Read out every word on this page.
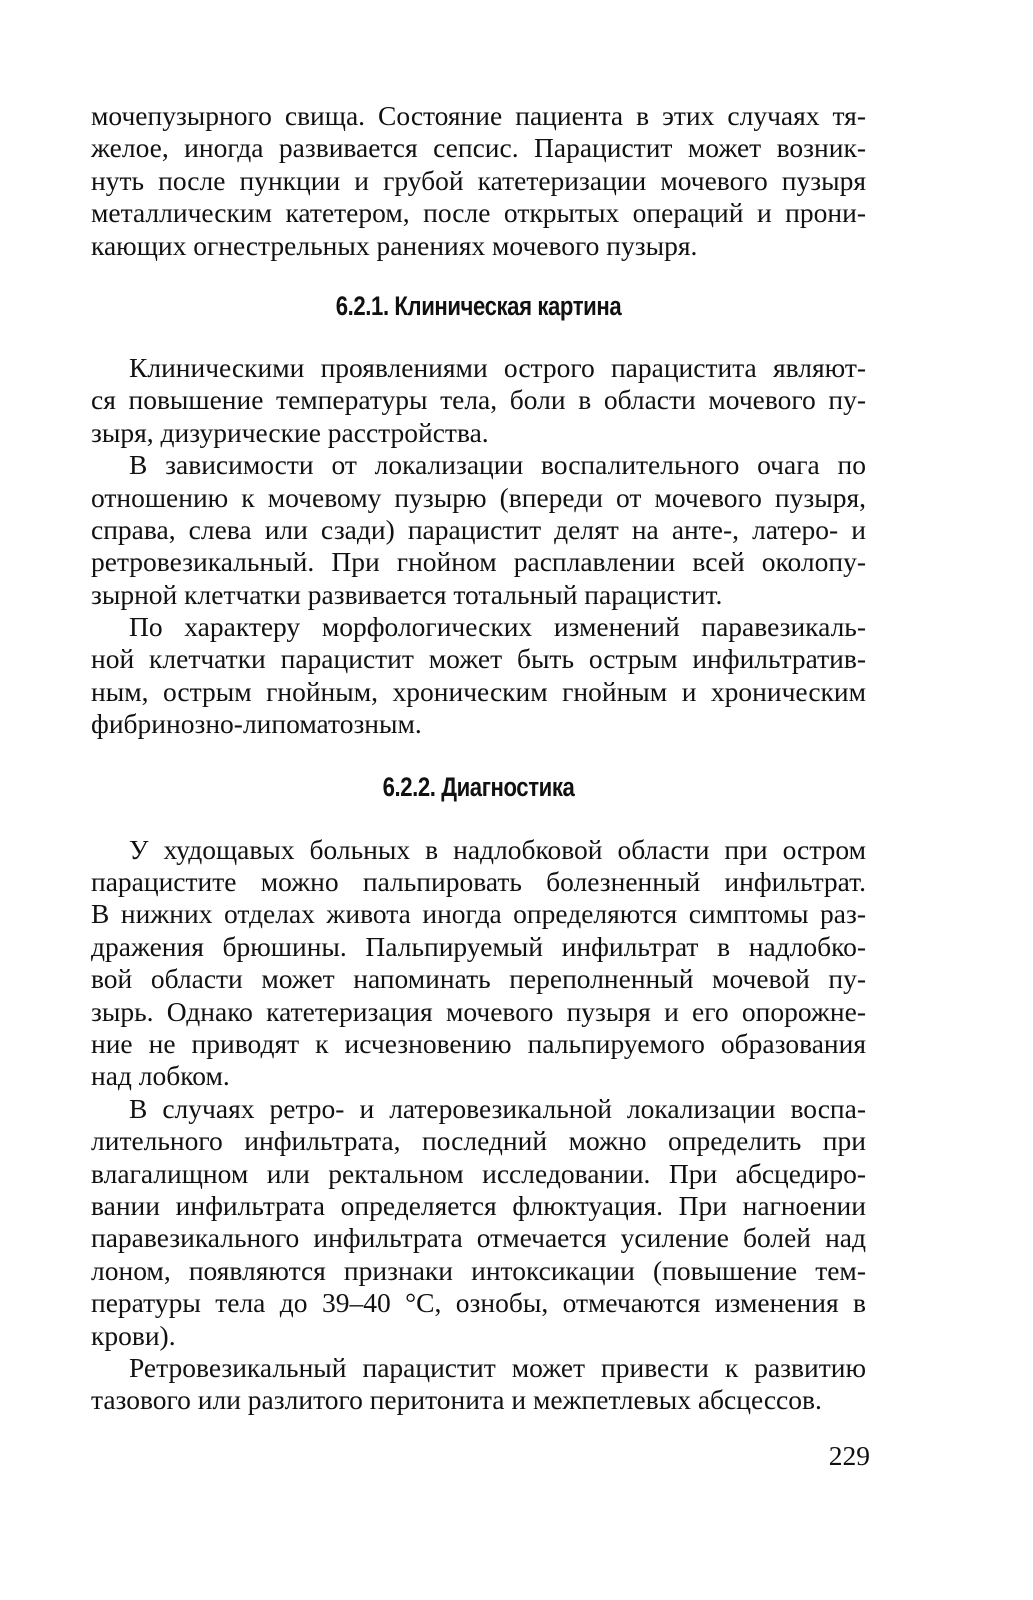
мочепузырного свища. Состояние пациента в этих случаях тя-
желое, иногда развивается сепсис. Парацистит может возник-
нуть после пункции и грубой катетеризации мочевого пузыря
металлическим катетером, после открытых операций и прони-
кающих огнестрельных ранениях мочевого пузыря.
6.2.1. Клиническая картина
Клиническими проявлениями острого парацистита являют-
ся повышение температуры тела, боли в области мочевого пу-
зыря, дизурические расстройства.
В зависимости от локализации воспалительного очага по
отношению к мочевому пузырю (впереди от мочевого пузыря,
справа, слева или сзади) парацистит делят на анте-, латеро- и
ретровезикальный. При гнойном расплавлении всей околопу-
зырной клетчатки развивается тотальный парацистит.
По характеру морфологических изменений паравезикаль-
ной клетчатки парацистит может быть острым инфильтратив-
ным, острым гнойным, хроническим гнойным и хроническим
фибринозно-липоматозным.
6.2.2. Диагностика
У худощавых больных в надлобковой области при остром
парацистите можно пальпировать болезненный инфильтрат.
В нижних отделах живота иногда определяются симптомы раз-
дражения брюшины. Пальпируемый инфильтрат в надлобко-
вой области может напоминать переполненный мочевой пу-
зырь. Однако катетеризация мочевого пузыря и его опорожне-
ние не приводят к исчезновению пальпируемого образования
над лобком.
В случаях ретро- и латеровезикальной локализации воспа-
лительного инфильтрата, последний можно определить при
влагалищном или ректальном исследовании. При абсцедиро-
вании инфильтрата определяется флюктуация. При нагноении
паравезикального инфильтрата отмечается усиление болей над
лоном, появляются признаки интоксикации (повышение тем-
пературы тела до 39–40 °С, ознобы, отмечаются изменения в
крови).
Ретровезикальный парацистит может привести к развитию
тазового или разлитого перитонита и межпетлевых абсцессов.
229
